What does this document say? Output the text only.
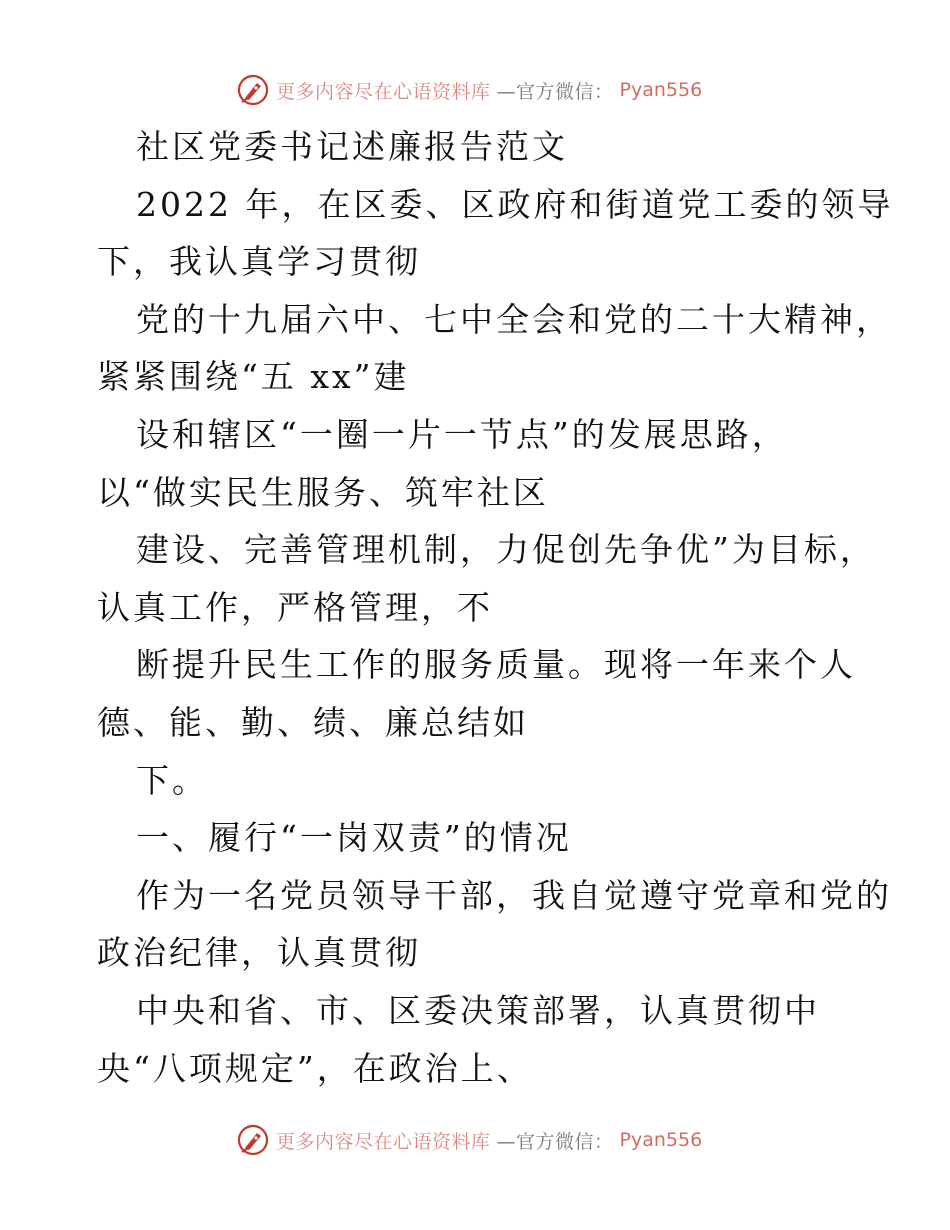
更多内容尽在心语资料库 —官方微信： Pyan556
社区党委书记述廉报告范文
2022 年，在区委、区政府和街道党工委的领导
下，我认真学习贯彻
党的十九届六中、七中全会和党的二十大精神，
紧紧围绕“五 xx”建
设和辖区“一圈一片一节点”的发展思路，
以“做实民生服务、筑牢社区
建设、完善管理机制，力促创先争优”为目标，
认真工作，严格管理，不
断提升民生工作的服务质量。现将一年来个人
德、能、勤、绩、廉总结如
下。
一、履行“一岗双责”的情况
作为一名党员领导干部，我自觉遵守党章和党的
政治纪律，认真贯彻
中央和省、市、区委决策部署，认真贯彻中
央“八项规定”，在政治上、
更多内容尽在心语资料库 —官方微信： Pyan556
